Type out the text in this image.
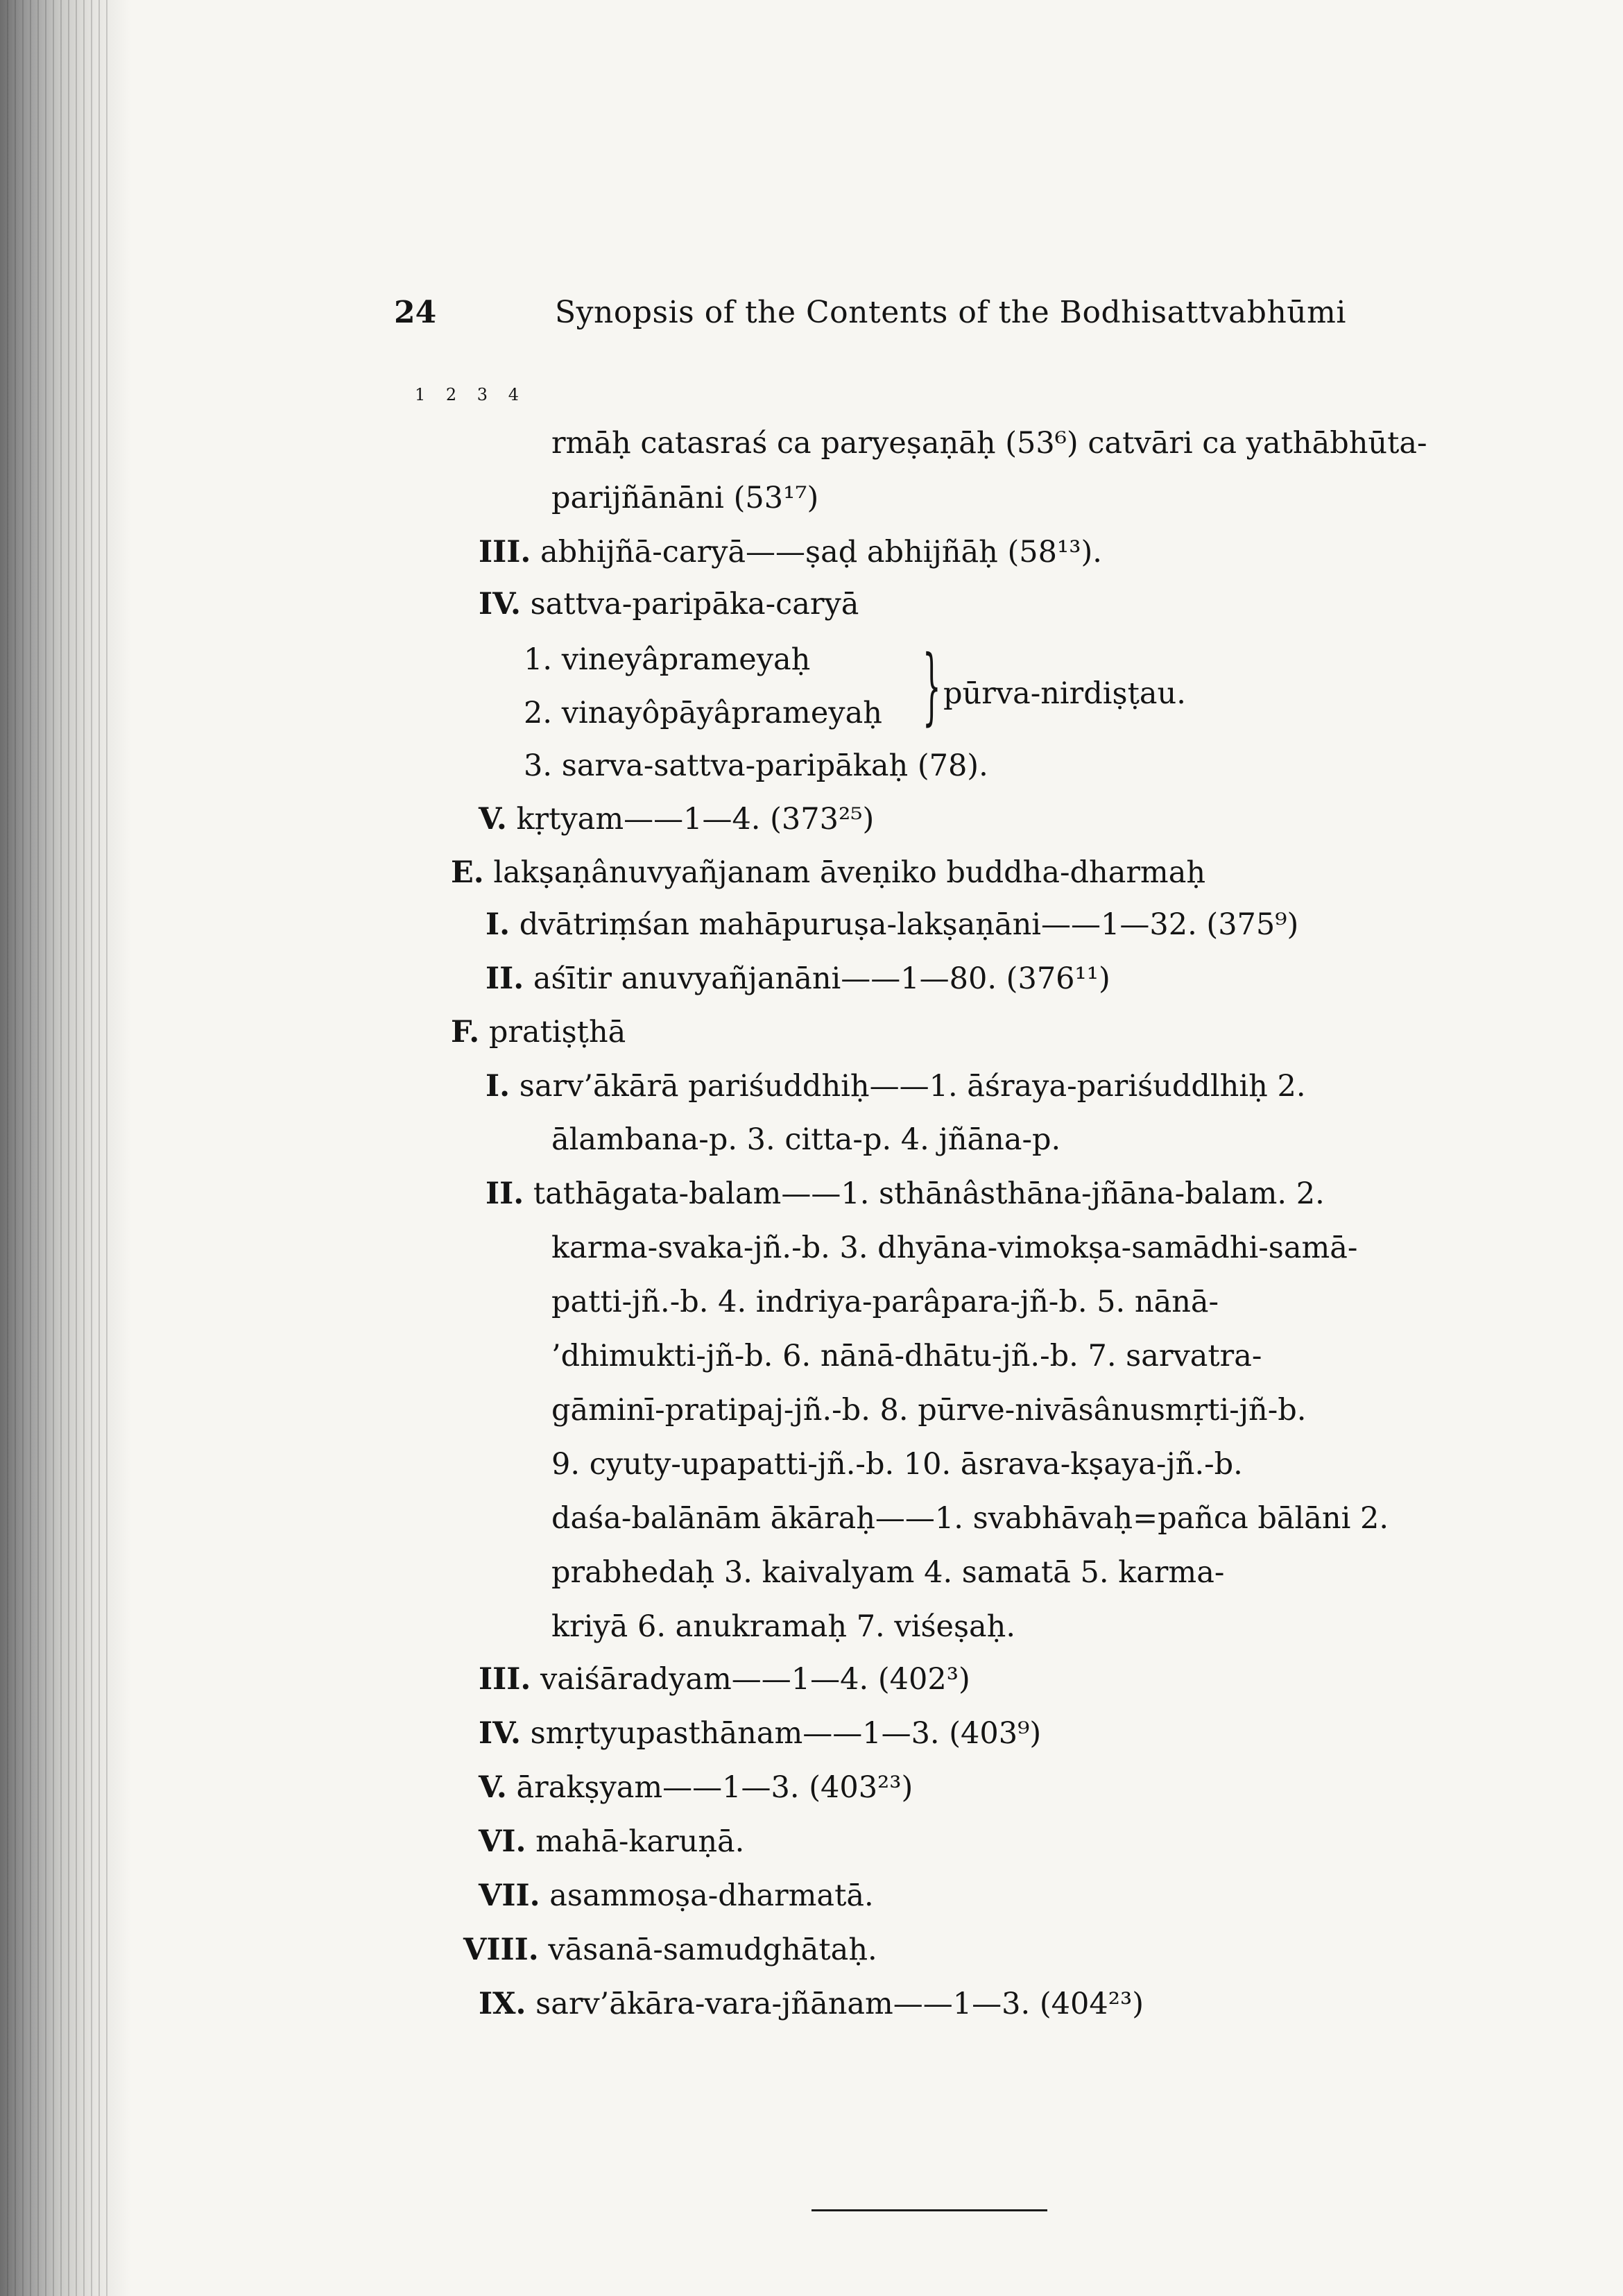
24	Synopsis of the Contents of the Bodhisattvabhūmi
1 2 3 4
rmāḥ catasraś ca paryeṣaṇāḥ (53⁶) catvāri ca yathābhūta-
parijñānāni (53¹⁷)
III. abhijñā-caryā——ṣaḍ abhijñāḥ (58¹³).
IV. sattva-paripāka-caryā
1. vineyâprameyaḥ
2. vinayôpāyâprameyaḥ } pūrva-nirdiṣṭau.
3. sarva-sattva-paripākaḥ (78).
V. kṛtyam——1—4. (373²⁵)
E. lakṣaṇânuvyañjanam āveṇiko buddha-dharmaḥ
I. dvātriṃśan mahāpuruṣa-lakṣaṇāni——1—32. (375⁹)
II. aśītir anuvyañjanāni——1—80. (376¹¹)
F. pratiṣṭhā
I. sarv’ākārā pariśuddhiḥ——1. āśraya-pariśuddlhiḥ 2.
ālambana-p. 3. citta-p. 4. jñāna-p.
II. tathāgata-balam——1. sthānâsthāna-jñāna-balam. 2.
karma-svaka-jñ.-b. 3. dhyāna-vimokṣa-samādhi-samā-
patti-jñ.-b. 4. indriya-parâpara-jñ-b. 5. nānā-
’dhimukti-jñ-b. 6. nānā-dhātu-jñ.-b. 7. sarvatra-
gāminī-pratipaj-jñ.-b. 8. pūrve-nivāsânusmṛti-jñ-b.
9. cyuty-upapatti-jñ.-b. 10. āsrava-kṣaya-jñ.-b.
daśa-balānām ākāraḥ——1. svabhāvaḥ=pañca bālāni 2.
prabhedaḥ 3. kaivalyam 4. samatā 5. karma-
kriyā 6. anukramaḥ 7. viśeṣaḥ.
III. vaiśāradyam——1—4. (402³)
IV. smṛtyupasthānam——1—3. (403⁹)
V. ārakṣyam——1—3. (403²³)
VI. mahā-karuṇā.
VII. asammoṣa-dharmatā.
VIII. vāsanā-samudghātaḥ.
IX. sarv’ākāra-vara-jñānam——1—3. (404²³)
